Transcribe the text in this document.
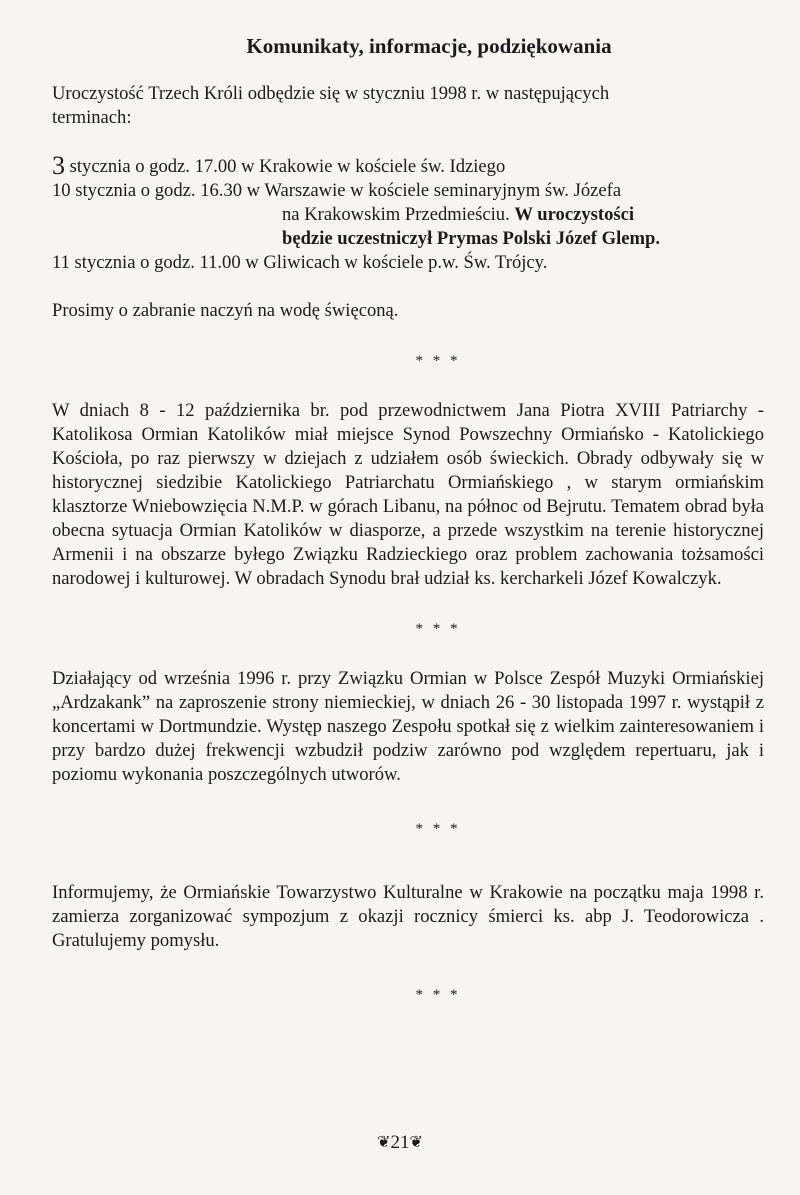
Komunikaty, informacje, podziękowania
Uroczystość Trzech Króli odbędzie się w styczniu 1998 r. w następujących
terminach:
3 stycznia o godz. 17.00 w Krakowie w kościele św. Idziego
10 stycznia o godz. 16.30 w Warszawie w kościele seminaryjnym św. Józefa
na Krakowskim Przedmieściu. W uroczystości
będzie uczestniczył Prymas Polski Józef Glemp.
11 stycznia o godz. 11.00 w Gliwicach w kościele p.w. Św. Trójcy.
Prosimy o zabranie naczyń na wodę święconą.
* * *

W dniach 8 - 12 października br. pod przewodnictwem Jana Piotra XVIII Patriarchy - Katolikosa Ormian Katolików miał miejsce Synod Powszechny Ormiańsko - Katolickiego Kościoła, po raz pierwszy w dziejach z udziałem osób świeckich. Obrady odbywały się w historycznej siedzibie Katolickiego Patriarchatu Ormiańskiego , w starym ormiańskim klasztorze Wniebowzięcia N.M.P. w górach Libanu, na północ od Bejrutu. Tematem obrad była obecna sytuacja Ormian Katolików w diasporze, a przede wszystkim na terenie historycznej Armenii i na obszarze byłego Związku Radzieckiego oraz problem zachowania tożsamości narodowej i kulturowej. W obradach Synodu brał udział ks. kercharkeli Józef Kowalczyk.

* * *

Działający od września 1996 r. przy Związku Ormian w Polsce Zespół Muzyki Ormiańskiej „Ardzakank” na zaproszenie strony niemieckiej, w dniach 26 - 30 listopada 1997 r. wystąpił z koncertami w Dortmundzie. Występ naszego Zespołu spotkał się z wielkim zainteresowaniem i przy bardzo dużej frekwencji wzbudził podziw zarówno pod względem repertuaru, jak i poziomu wykonania poszczególnych utworów.

* * *

Informujemy, że Ormiańskie Towarzystwo Kulturalne w Krakowie na początku maja 1998 r. zamierza zorganizować sympozjum z okazji rocznicy śmierci ks. abp J. Teodorowicza . Gratulujemy pomysłu.

* * *
❦21❦
